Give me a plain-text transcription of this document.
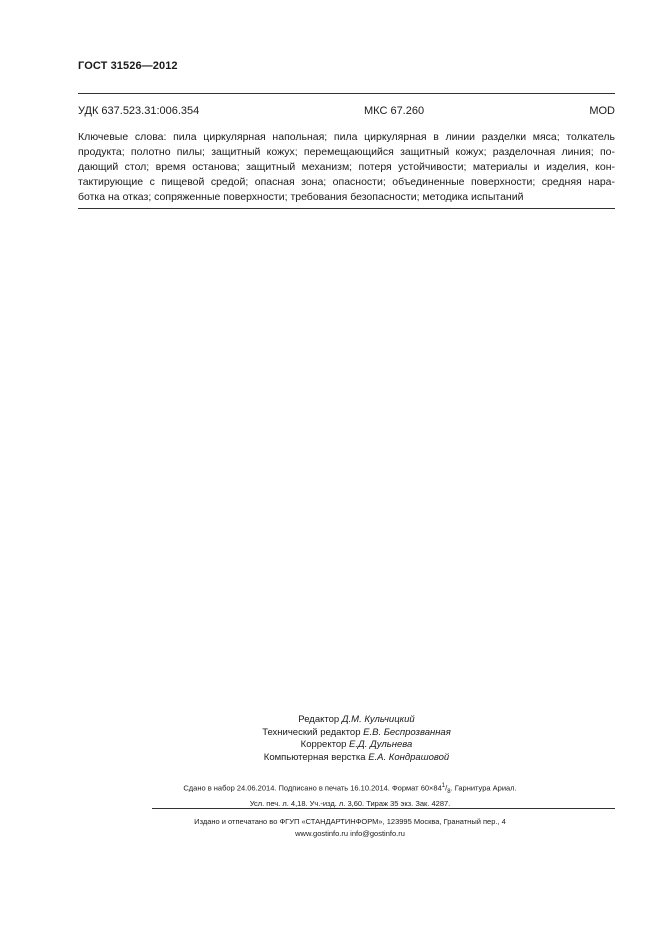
ГОСТ 31526—2012
УДК 637.523.31:006.354	МКС 67.260	MOD

Ключевые слова: пила циркулярная напольная; пила циркулярная в линии разделки мяса; толкатель
продукта; полотно пилы; защитный кожух; перемещающийся защитный кожух; разделочная линия; по-
дающий стол; время останова; защитный механизм; потеря устойчивости; материалы и изделия, кон-
тактирующие с пищевой средой; опасная зона; опасности; объединенные поверхности; средняя нара-
ботка на отказ; сопряженные поверхности; требования безопасности; методика испытаний

Редактор Д.М. Кульчицкий
Технический редактор Е.В. Беспрозванная
Корректор Е.Д. Дульнева
Компьютерная верстка Е.А. Кондрашовой
Сдано в набор 24.06.2014. Подписано в печать 16.10.2014. Формат $60\times 84^1/_8$. Гарнитура Ариал.
Усл. печ. л. 4,18. Уч.-изд. л. 3,60. Тираж 35 экз. Зак. 4287.
Издано и отпечатано во ФГУП «СТАНДАРТИНФОРМ», 123995 Москва, Гранатный пер., 4
www.gostinfo.ru info@gostinfo.ru
